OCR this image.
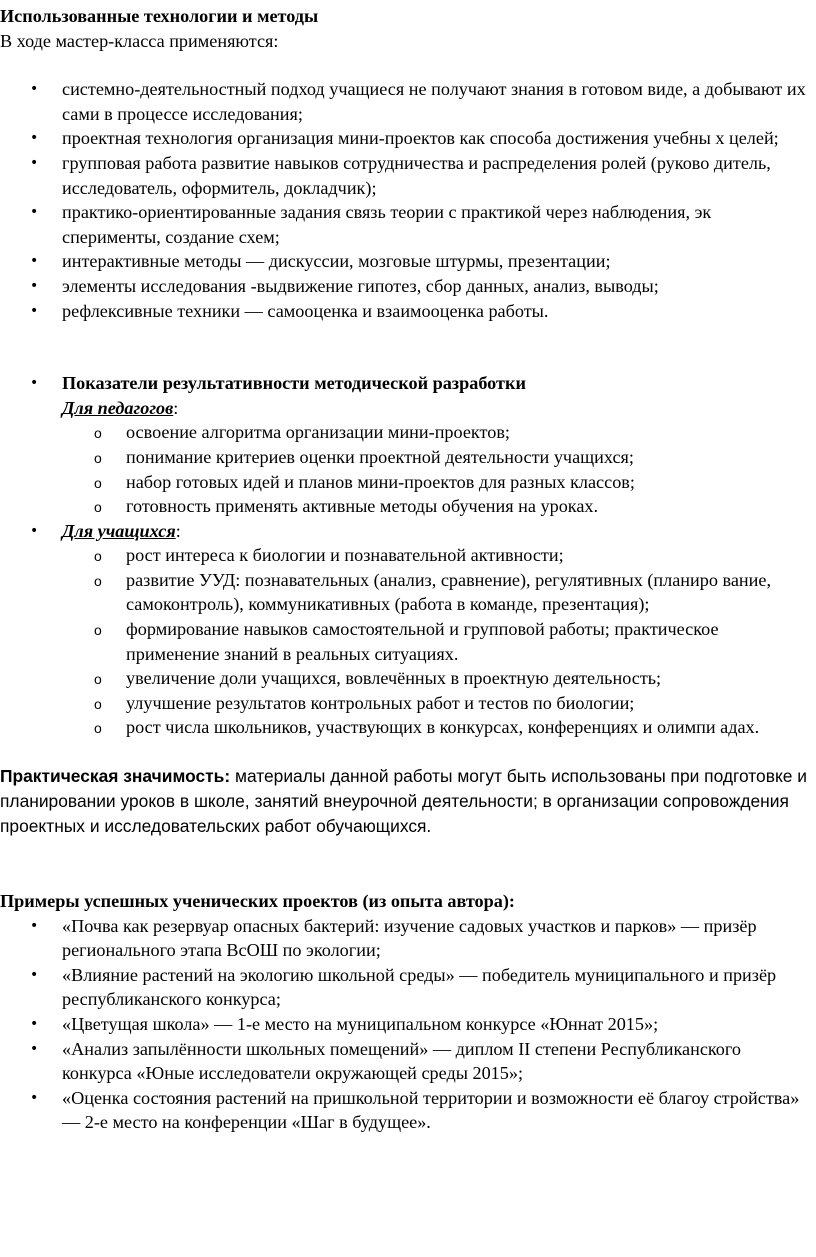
Использованные технологии и методы
В ходе мастер-класса применяются:
•	системно-деятельностный подход учащиеся не получают знания в готовом виде, а добывают их сами в процессе исследования;
•	проектная технология организация мини-проектов как способа достижения учебны х целей;
•	групповая работа развитие навыков сотрудничества и распределения ролей (руково дитель, исследователь, оформитель, докладчик);
•	практико-ориентированные задания связь теории с практикой через наблюдения, эк сперименты, создание схем;
•	интерактивные методы — дискуссии, мозговые штурмы, презентации;
•	элементы исследования -выдвижение гипотез, сбор данных, анализ, выводы;
•	рефлексивные техники — самооценка и взаимооценка работы.
•	Показатели результативности методической разработки
Для педагогов:
o освоение алгоритма организации мини-проектов;
o понимание критериев оценки проектной деятельности учащихся;
o набор готовых идей и планов мини-проектов для разных классов;
o готовность применять активные методы обучения на уроках.
•	Для учащихся:
o рост интереса к биологии и познавательной активности;
o развитие УУД: познавательных (анализ, сравнение), регулятивных (планиро вание, самоконтроль), коммуникативных (работа в команде, презентация);
o формирование навыков самостоятельной и групповой работы; практическое применение знаний в реальных ситуациях.
o увеличение доли учащихся, вовлечённых в проектную деятельность;
o улучшение результатов контрольных работ и тестов по биологии;
o рост числа школьников, участвующих в конкурсах, конференциях и олимпи адах.
Практическая значимость: материалы данной работы могут быть использованы при подготовке и планировании уроков в школе, занятий внеурочной деятельности; в организации сопровождения проектных и исследовательских работ обучающихся.
Примеры успешных ученических проектов (из опыта автора):
•	«Почва как резервуар опасных бактерий: изучение садовых участков и парков» — призёр регионального этапа ВсОШ по экологии;
•	«Влияние растений на экологию школьной среды» — победитель муниципального и призёр республиканского конкурса;
•	«Цветущая школа» — 1-е место на муниципальном конкурсе «Юннат 2015»;
•	«Анализ запылённости школьных помещений» — диплом II степени Республиканского конкурса «Юные исследователи окружающей среды 2015»;
•	«Оценка состояния растений на пришкольной территории и возможности её благоу стройства» — 2-е место на конференции «Шаг в будущее».
